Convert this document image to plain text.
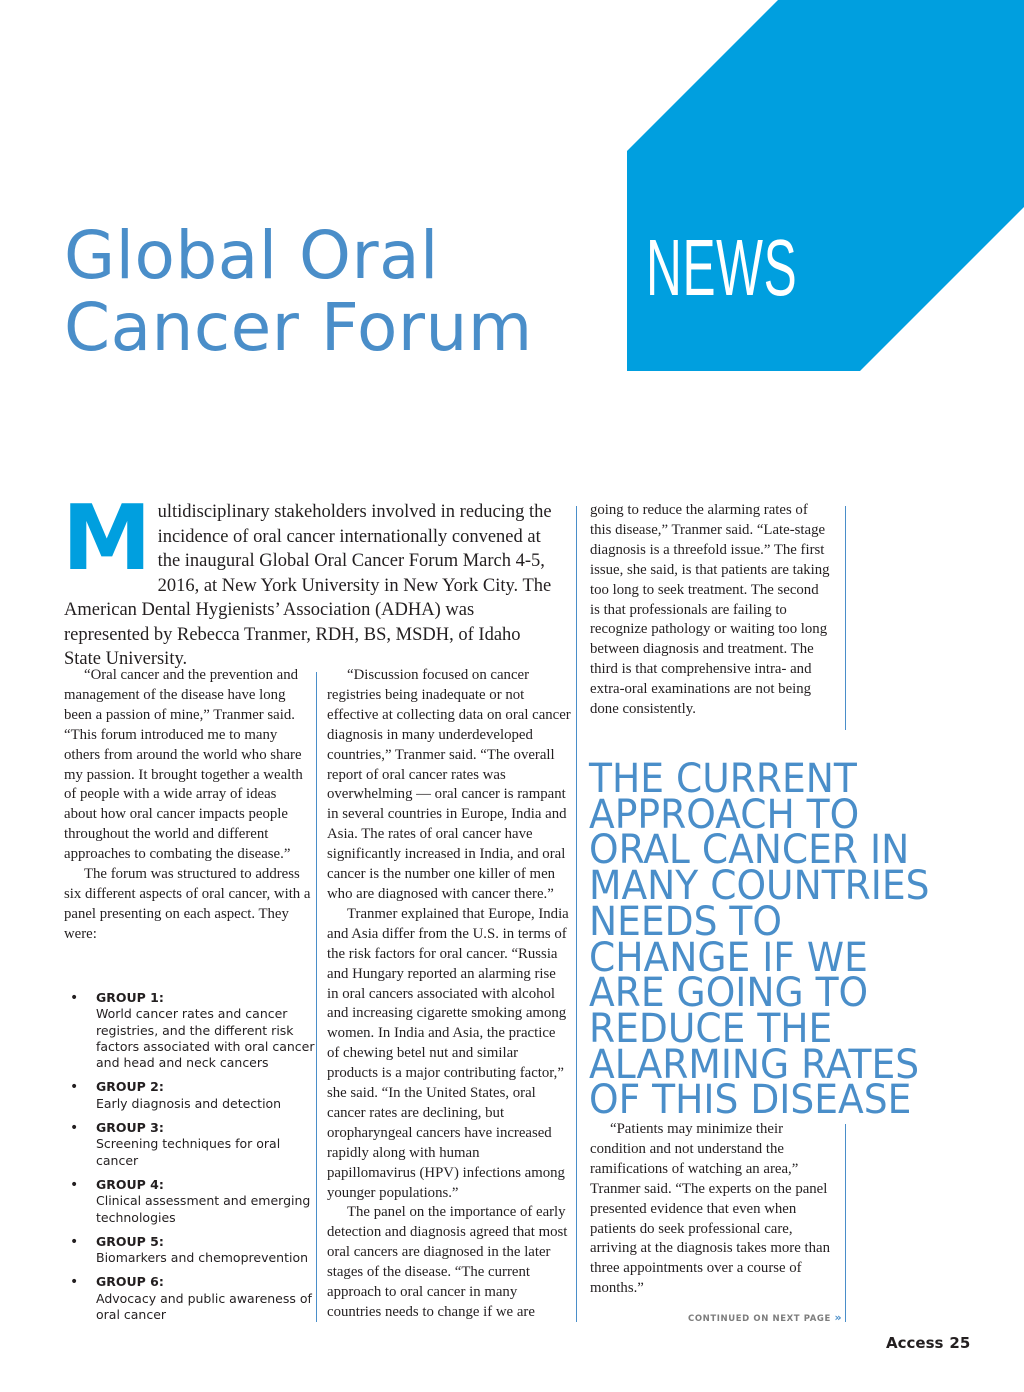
NEWS
Global Oral
Cancer Forum

Multidisciplinary stakeholders involved in reducing the incidence of oral cancer internationally convened at the inaugural Global Oral Cancer Forum March 4-5, 2016, at New York University in New York City. The American Dental Hygienists’ Association (ADHA) was represented by Rebecca Tranmer, RDH, BS, MSDH, of Idaho State University.

“Oral cancer and the prevention and management of the disease have long been a passion of mine,” Tranmer said. “This forum introduced me to many others from around the world who share my passion. It brought together a wealth of people with a wide array of ideas about how oral cancer impacts people throughout the world and different approaches to combating the disease.”

The forum was structured to address six different aspects of oral cancer, with a panel presenting on each aspect. They were:

• GROUP 1:
World cancer rates and cancer registries, and the different risk factors associated with oral cancer and head and neck cancers
• GROUP 2:
Early diagnosis and detection
• GROUP 3:
Screening techniques for oral cancer
• GROUP 4:
Clinical assessment and emerging technologies
• GROUP 5:
Biomarkers and chemoprevention
• GROUP 6:
Advocacy and public awareness of oral cancer

“Discussion focused on cancer registries being inadequate or not effective at collecting data on oral cancer diagnosis in many underdeveloped countries,” Tranmer said. “The overall report of oral cancer rates was overwhelming — oral cancer is rampant in several countries in Europe, India and Asia. The rates of oral cancer have significantly increased in India, and oral cancer is the number one killer of men who are diagnosed with cancer there.”

Tranmer explained that Europe, India and Asia differ from the U.S. in terms of the risk factors for oral cancer. “Russia and Hungary reported an alarming rise in oral cancers associated with alcohol and increasing cigarette smoking among women. In India and Asia, the practice of chewing betel nut and similar products is a major contributing factor,” she said. “In the United States, oral cancer rates are declining, but oropharyngeal cancers have increased rapidly along with human papillomavirus (HPV) infections among younger populations.”

The panel on the importance of early detection and diagnosis agreed that most oral cancers are diagnosed in the later stages of the disease. “The current approach to oral cancer in many countries needs to change if we are

going to reduce the alarming rates of this disease,” Tranmer said. “Late-stage diagnosis is a threefold issue.” The first issue, she said, is that patients are taking too long to seek treatment. The second is that professionals are failing to recognize pathology or waiting too long between diagnosis and treatment. The third is that comprehensive intra- and extra-oral examinations are not being done consistently.

THE CURRENT APPROACH TO ORAL CANCER IN MANY COUNTRIES NEEDS TO CHANGE IF WE ARE GOING TO REDUCE THE ALARMING RATES OF THIS DISEASE

“Patients may minimize their condition and not understand the ramifications of watching an area,” Tranmer said. “The experts on the panel presented evidence that even when patients do seek professional care, arriving at the diagnosis takes more than three appointments over a course of months.”

CONTINUED ON NEXT PAGE »
Access 25
